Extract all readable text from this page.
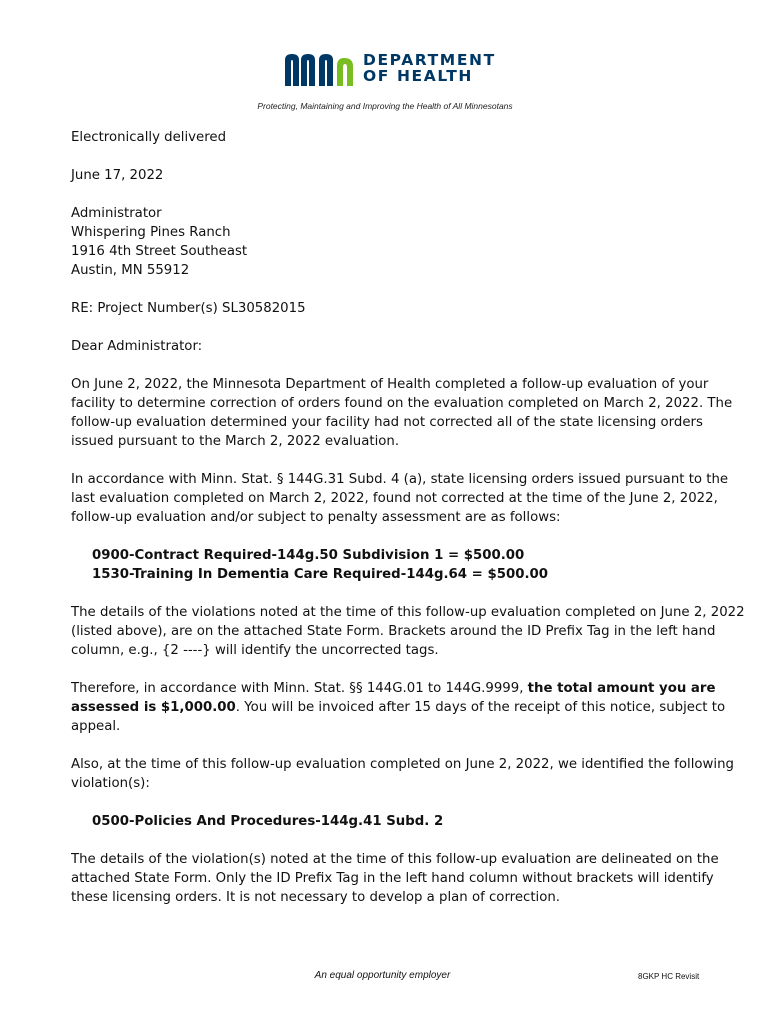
DEPARTMENT
OF HEALTH
Protecting, Maintaining and Improving the Health of All Minnesotans
Electronically delivered
June 17, 2022
Administrator
Whispering Pines Ranch
1916 4th Street Southeast
Austin, MN 55912
RE: Project Number(s) SL30582015
Dear Administrator:
On June 2, 2022, the Minnesota Department of Health completed a follow-up evaluation of your
facility to determine correction of orders found on the evaluation completed on March 2, 2022. The
follow-up evaluation determined your facility had not corrected all of the state licensing orders
issued pursuant to the March 2, 2022 evaluation.
In accordance with Minn. Stat. § 144G.31 Subd. 4 (a), state licensing orders issued pursuant to the
last evaluation completed on March 2, 2022, found not corrected at the time of the June 2, 2022,
follow-up evaluation and/or subject to penalty assessment are as follows:
0900-Contract Required-144g.50 Subdivision 1 = $500.00
1530-Training In Dementia Care Required-144g.64 = $500.00
The details of the violations noted at the time of this follow-up evaluation completed on June 2, 2022
(listed above), are on the attached State Form. Brackets around the ID Prefix Tag in the left hand
column, e.g., {2 ----} will identify the uncorrected tags.
Therefore, in accordance with Minn. Stat. §§ 144G.01 to 144G.9999, the total amount you are
assessed is $1,000.00. You will be invoiced after 15 days of the receipt of this notice, subject to
appeal.
Also, at the time of this follow-up evaluation completed on June 2, 2022, we identified the following
violation(s):
0500-Policies And Procedures-144g.41 Subd. 2
The details of the violation(s) noted at the time of this follow-up evaluation are delineated on the
attached State Form. Only the ID Prefix Tag in the left hand column without brackets will identify
these licensing orders. It is not necessary to develop a plan of correction.
An equal opportunity employer	8GKP HC Revisit
